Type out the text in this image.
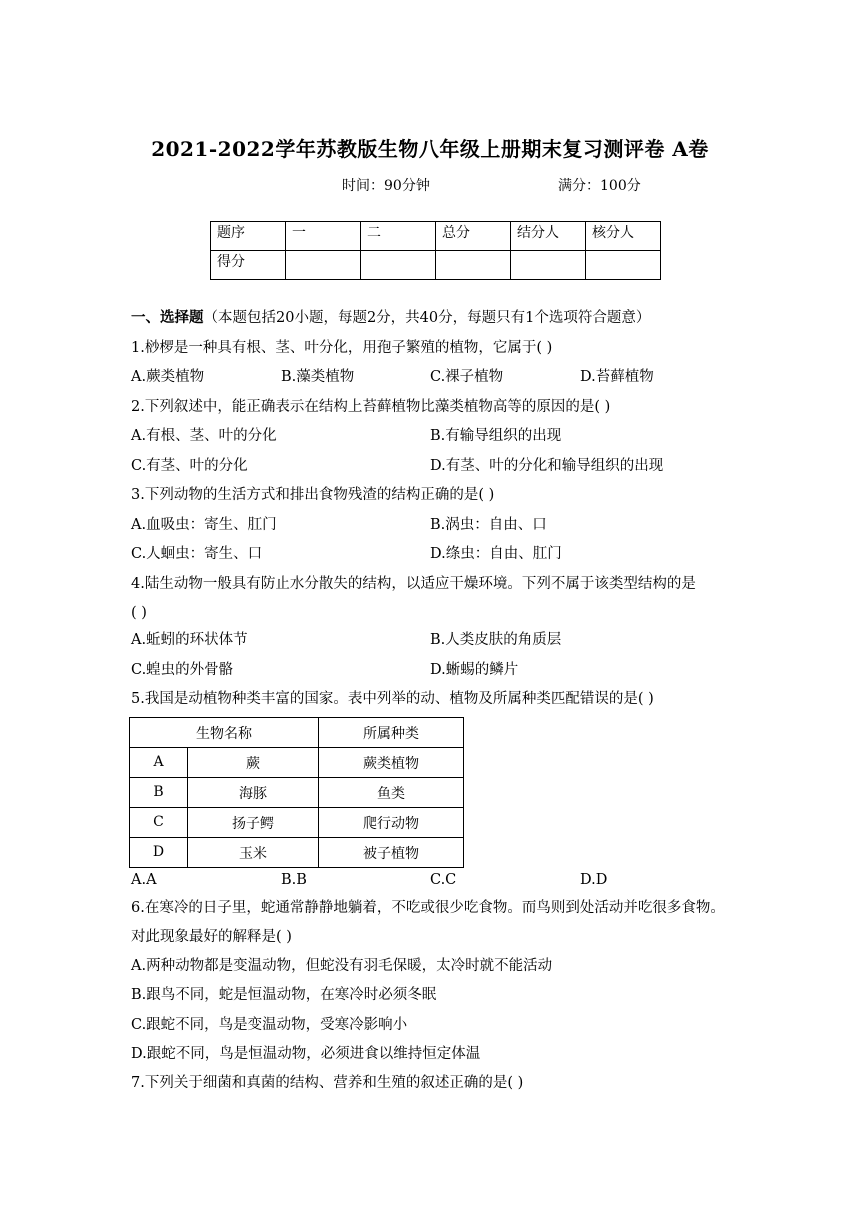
2021-2022学年苏教版生物八年级上册期末复习测评卷 A卷
时间：90分钟	满分：100分
题序	一	二	总分	结分人	核分人
得分					
一、选择题（本题包括20小题，每题2分，共40分，每题只有1个选项符合题意）
1.桫椤是一种具有根、茎、叶分化，用孢子繁殖的植物，它属于( )
A.蕨类植物	B.藻类植物	C.裸子植物	D.苔藓植物
2.下列叙述中，能正确表示在结构上苔藓植物比藻类植物高等的原因的是( )
A.有根、茎、叶的分化	B.有输导组织的出现
C.有茎、叶的分化	D.有茎、叶的分化和输导组织的出现
3.下列动物的生活方式和排出食物残渣的结构正确的是( )
A.血吸虫：寄生、肛门	B.涡虫：自由、口
C.人蛔虫：寄生、口	D.绦虫：自由、肛门
4.陆生动物一般具有防止水分散失的结构，以适应干燥环境。下列不属于该类型结构的是
( )
A.蚯蚓的环状体节	B.人类皮肤的角质层
C.蝗虫的外骨骼	D.蜥蜴的鳞片
5.我国是动植物种类丰富的国家。表中列举的动、植物及所属种类匹配错误的是( )
生物名称		所属种类
A	蕨	蕨类植物
B	海豚	鱼类
C	扬子鳄	爬行动物
D	玉米	被子植物
A.A	B.B	C.C	D.D
6.在寒冷的日子里，蛇通常静静地躺着，不吃或很少吃食物。而鸟则到处活动并吃很多食物。
对此现象最好的解释是( )
A.两种动物都是变温动物，但蛇没有羽毛保暖，太冷时就不能活动
B.跟鸟不同，蛇是恒温动物，在寒冷时必须冬眠
C.跟蛇不同，鸟是变温动物，受寒冷影响小
D.跟蛇不同，鸟是恒温动物，必须进食以维持恒定体温
7.下列关于细菌和真菌的结构、营养和生殖的叙述正确的是( )
